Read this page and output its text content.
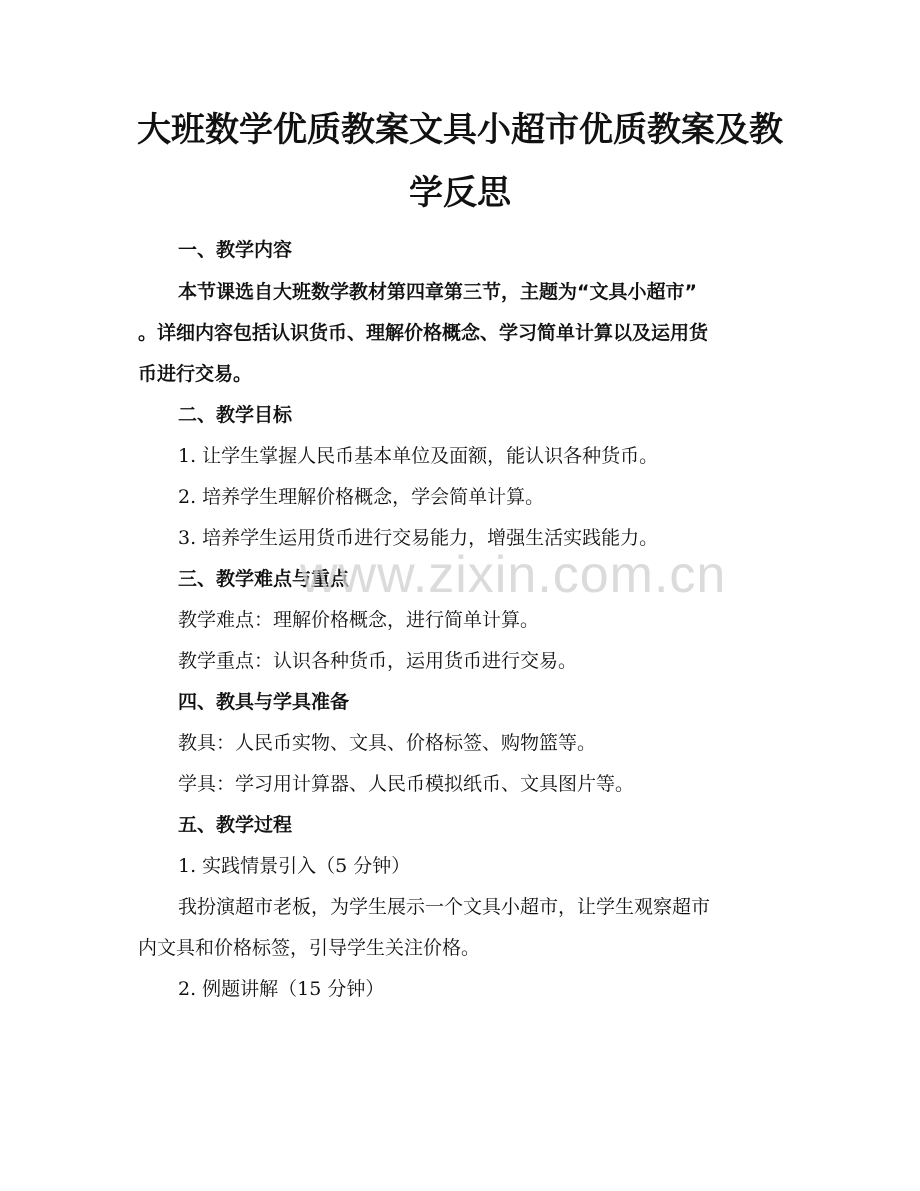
大班数学优质教案文具小超市优质教案及教
学反思
一、教学内容
本节课选自大班数学教材第四章第三节，主题为“文具小超市”
。详细内容包括认识货币、理解价格概念、学习简单计算以及运用货
币进行交易。
二、教学目标
1. 让学生掌握人民币基本单位及面额，能认识各种货币。
2. 培养学生理解价格概念，学会简单计算。
3. 培养学生运用货币进行交易能力，增强生活实践能力。
三、教学难点与重点
教学难点：理解价格概念，进行简单计算。
教学重点：认识各种货币，运用货币进行交易。
四、教具与学具准备
教具：人民币实物、文具、价格标签、购物篮等。
学具：学习用计算器、人民币模拟纸币、文具图片等。
五、教学过程
1. 实践情景引入（5 分钟）
我扮演超市老板，为学生展示一个文具小超市，让学生观察超市
内文具和价格标签，引导学生关注价格。
2. 例题讲解（15 分钟）
www.zixin.com.cn
